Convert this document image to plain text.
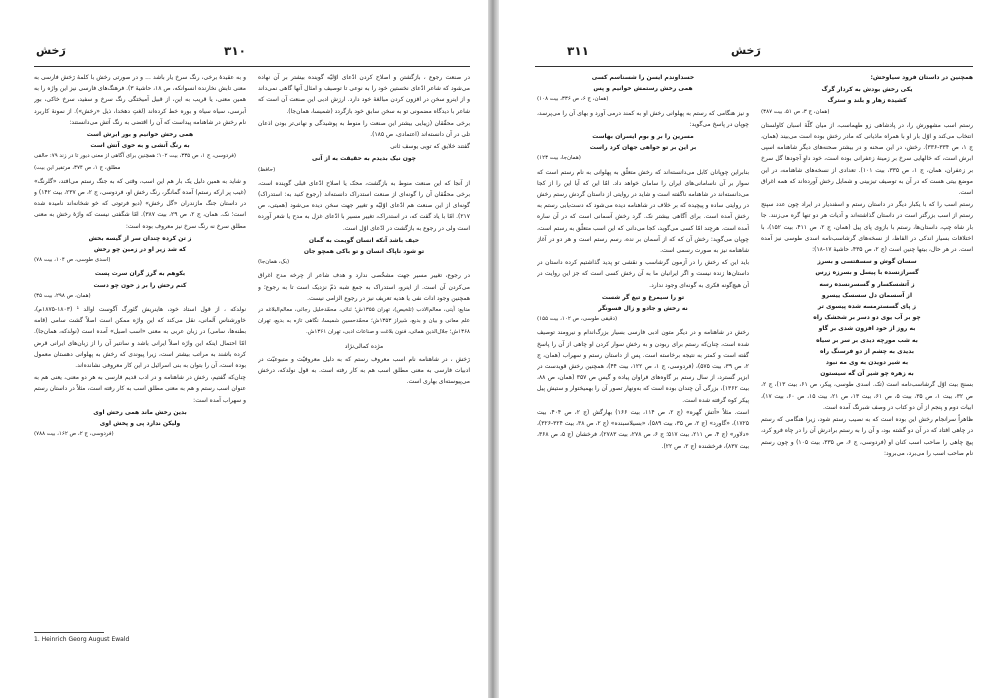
۳۱۰
رَخش

در صنعت رجوع ، بازگشتن و اصلاح کردن ادّعای اوّلیّه گوینده بیشتر بر آن نهاده می‌شود که شاعر ادّعای نخستین خود را به نوعی تا توصیف و امثال آنها گاهی نمی‌داند و از اینرو سخن در افزون کردن مبالغهٔ خود دارد. ارزش ادبی این صنعت آن است که شاعر با دیدگاه مضمونی تو به سخن سابق خود بازگردد (شمیسا، همان‌جا).

برخی محقّقان (زیبایی بیشتر این صنعت را منوط به پوشیدگی و نهانی‌تر بودن اذعان تلی در آن دانسته‌اند (اعتمادی، ص ۱۸۵).

گفتند خلایق که تویی یوسف ثانی

چون نیک بدیدم به حقیقت به از آنی

(حافظ)

از آنجا که این صنعت منوط به بازگشت، محک یا اصلاح ادّعای قبلی گوینده است، برخی محقّقان آن را گونه‌ای از صنعت استدراک دانسته‌اند (رجوع کنید به: استدراک) گونه‌ای از این صنعت هم ادّعای اوّلیّه و تغییر جهت سخن دیده می‌شود (همیتی، ص ۲۱۷). امّا با یاد گفت که، در استدراک، تغییر مسیر با ادّعای غزل به مدح یا شعر آورده است ولی در رجوع به بازگشت در ادّعای اوّل است.

حیف باشد آنکه انسان گویمت به گمان

تو شود ناپاک انسان و تو باکی همچو جان

(بک، همان‌جا)

در رجوع، تغییر مسیر جهت مشخّصی ندارد و هدف شاعر از چرخه مدح اغراق می‌کردن آن است. از اینرو، استدراک به جمع شبه ذمّ نزدیک است تا به رجوع؛ و همچنین وجود ادات نفی یا هدیه تعریف نیز در رجوع الزامی نیست.

منابع: آیتی، معالم‌الادب (تلخیص)، تهران ۱۳۵۵ش؛ ثنائی، محمّدخلیل رجائی، معالم‌البلاغه در علم معانی و بیان و بدیع، شیراز ۱۳۵۳ش؛ محمّدحسین شمیسا، نگاهی تازه به بدیع، تهران ۱۳۶۸ش؛ جلال‌الدین همائی، فنون بلاغت و صناعات ادبی، تهران ۱۳۶۱ش.

مژده کمالی‌نژاد

رَخش ، در شاهنامه نام اسب معروف رستم که به دلیل معروفیّت و متبوعیّت در ادبیات فارسی به معنی مطلق اسب هم به کار رفته است. به قول نولدکه، درخش می‌پیوسته‌ای بهاری است.

و به عقیدهٔ برخی، رنگ سرخ یار باشد ... و در صورتی رخش با کلمهٔ رَخش فارسی به معنی تابش نخارنده انسوانکه، ص ۱۸، حاشیهٔ ۳). فرهنگ‌های فارسی نیز این واژه را به همین معنی، یا قریب به این، از قبیل آمیختگی رنگ سرخ و سفید، سرخ خاکی، بور آبرسی، سیاه سیاه و بوره خط کرده‌اند (لغتِ دهخدا، ذیل «رخش»). از نمونهٔ کاربرد نام رخش در شاهنامه پیداست که آن را اقتضی به رنگ آتش می‌دانستند:

همی رخش خوانیم و بور ابرش است

به رنگ آتشی و به خوی آتش است

(فردوسی، ج ۱، ص ۳۳۵، بیت ۱۰۲؛ همچنین برای آگاهی از معنی دیور تا در زند ۷۹: حالقی مطلق، ج ۱، ص ۳۷۴، مرتفیر این بیت)

و شاید به همین دلیل یک بار هم این اسب، وقتی که به جنگ رستم می‌افتد، «گلرنگ» (غیب پر ارکه رستم) آمده گمانگر، رنگ رخش او، فردوسی، ج ۲، ص ۲۳۷، بیت ۱۴۲) و در داستان جنگ مازندران «گل رخش» (دیو فرتوتی که خو شخانه‌اند نامیده شده است؛ نک. همان، ج ۲، ص ۲۹، بیت ۳۸۷). امّا شگفتی نیست که واژهٔ رخش به معنی مطلق سرخ نه رنگ سرخ نیز معروف بوده است:

ز تن کرده چندان سر از گیسه بخش

که شد زیر او در زمین چو رخش

(اسدی طوسی، ص ۱۰۴، بیت ۷۸)

بکوهم به گرز گران سرت پست

کنم رخش را بر ز خون چو دست

(همان، ص ۲۹۸، بیت ۳۵)

نولدکه ، از قول استاد خود، هاینریش گئورگ آگوست اوالد ¹ (۱۸۰۳-۱۸۷۵م)، خاورشناس آلمانی، نقل می‌کند که این واژه ممکن است اصلاً گشت سامی (قامه بطنه‌ها، سامی) در زبان عربی به معنی «اسب اصیل» آمده است (نولدکه، همان‌جا). امّا احتمال اینکه این واژه اصلاً ایرانی باشد و سانتیر آن را از زبان‌های ایرانی قرض کرده باشند به مراتب بیشتر است، زیرا پیوندی که رخش به پهلوانی دهستان معمول بوده است، آن را بتوان به بنی اسرائیل در این کار معروفی نشانده‌اند.

چنان‌که گفتیم، رخش در شاهنامه و در ادب قدیم فارسی به هر دو معنی، یعنی هم به عنوان اسب رستم و هم به معنی مطلق اسب به کار رفته است، مثلاً در داستان رستم و سهراب آمده است:

بدین رخش ماند همی رخش اوی

ولیکن ندارد پی و پخش اوی

(فردوسی، ج ۲، ص ۱۶۲، بیت ۷۸۸)

1. Heinrich Georg August Ewald
۳۱۱	رَخش

همچنین در داستان فرود سیاوخش:

یکی رخش بودش به کردار گرگ

کشیده زهار و بلند و سترگ

(همان، ج ۳، ص ۵۱، بیت ۳۸۷)

رستم اسب مشهورش را، در پادشاهی زو طهماسب، از میان گلّهٔ اسبان کاولستان انتخاب می‌کند و اوّل بار او با همراه ماذیانی که مادر رخش بوده است می‌بیند (همان، ج ۱، ص ۳۳۴-۳۳۶). رخش، در این صحنه و در بیشتر صحنه‌های دیگر شاهنامه اسپی ابرش است، که خالهایی سرخ بر زمینهٔ زعفرانی بوده است، خود داوِ آجودها گل سرخ بر زعفران، همان، ج ۱، ص ۳۳۵، بیت ۱۰۱). تعدادی از نسخه‌های شاهنامه، در این موضع بیتی هست که در آن به توصیف تیزبینی و شمایل رخش آورده‌اند که همه اغراق است.

رستم اسب را که با یکبار دیگر در داستان رستم و اسفندیار در ایراد چون عدد سپنج رستم از اسب بزرگتر است در داستان گذاشته‌اند و آدیات هر دو تنها گره می‌زنند. جا بار شاه چپ، داستان‌ها، رستم با بازوی پای پیل (همان، ج ۲، ص ۴۱۱، بیت ۱۵۲)، با اختلافات بسیار اندکی در الفاظ، از نسخه‌های گرشاسب‌نامه اسدی طوسی نیز آمده است. در هر حال، بیتها چنین است (ج ۲، ص ۴۳۵، حاشیهٔ ۱۷-۱۸):

سسان گوش و سسفتسی و بسرز

گسرازنسده با پیسل و بسرزه زرس

ز آتشسکسار و گسسرنسده رسه

از آسسمان دل سسسک ییسرو

ز پای گسسترمسه شده پیسوی تر

چو بر آب یوی دو دسر بر شخشک راه

به روز از خود افزون شدی بر گاو

به شب مورچه دیدی بر سر بر سیاه

بدیدی به چشم از دو فرسنگ راه

به شیر دویدن به وی مه نبود

به زهره چو شیر آن گه سیستون

بسنج بیت اوّل گرشاسب‌نامه است (تک. اسدی طوسی، پیکر، ص ۶۱، بیت ۱۳)، ج ۲، ص ۳۲، بیت ۱، ص ۳۵، بیت ۵، ص ۶۱، بیت ۱۳، ص ۲۱، بیت ۱۵، ص ۶۰، بیت ۱۷)، ابیات دوم و پنجم از آن دو کتاب در وصف شبرنگ آمده است.

ظاهراً سرانجام رخش این بوده است که به نصیب رستم شود، زیرا هنگامی که رستم در چاهی افتاد که در آن دو گشته بود، و آن را به رستم برادرش آن را در چاه فرو کرد، پیچ چاهی را صاحب اسب کنان او (فردوسی، ج ۶، ص ۳۳۵، بیت ۱۰۵) و چون رستم نام صاحب اسب را می‌برد، می‌برود:

خسداوندم ایسن را شسناسم کسی

همی رخش رستمش خوانیم و پس

(همان، ج ۶، ص ۳۳۶، بیت ۱۰۸)

و نیز هنگامی که رستم به پهلوانی رخش او به کمند درمی آورد و بهای آن را می‌پرسد، چوپان در پاسخ می‌گوید:

مسرین را بر و بوم ایسران بهاست

بر این بر تو خواهی جهان کرد راست

(همان‌جا، بیت ۱۲۳)

بنابراین چوپانان کابل می‌دانسته‌اند که رخش متعلّق به پهلوانی به نام رستم است که سوار بر آن ناسامانی‌های ایران را سامان خواهد داد. امّا این که آیا این را از کجا می‌دانسته‌اند در شاهنامه ناگفته است و شاید در روایتی از داستان گردش رستم رخش در روایتی ساده و پیچیده که بر خلاف در شاهنامه دیده می‌شود که دست‌یابی رستم به رخش آمده است. برای آگاهی بیشتر نک. گرد رخش آسمانی است که در آن ساره آمده است. هرچند امّا کسی می‌گوید، کجا می‌دانی که این اسب متعلّق به رستم است، چوپان می‌گوید: رخش آن که که از آسمان بر نده، رسم رستم است و هر دو در آغاز شاهنامه نیز به صورت رسمی است.

باید این که رخش را در آزمون گرشاسب و نقشی تو پدید گذاشتیم کرده داستان در داستان‌ها زنده نیست و اگر ایرانیان ما به آن رخش کسی است که جز این روایت در آن هیچ‌گونه فکری به گونه‌ای وجود ندارد.

تو را سیمرغ و تیغ گر شست

نه رخش و جادو و زال فسونگر

(دقیقی طوسی، ص ۱۰۲، بیت ۱۵۵)

رخش در شاهنامه و در دیگر متون ادبی فارسی بسیار بزرگ‌اندام و نیرومند توصیف شده است، چنان‌که رستم برای ربودن و به رخش سوار کردن او چاهی از آن را پاسخ گفته است و کمتر به نتیجه برخاسته است. پس از داستان رستم و سهراب (همان، ج ۲، ص ۳۹، بیت ۵۷۵)، (فردوسی، ج ۱، ص ۱۲۲، بیت ۴۴)، همچنین رخش قویدست در ابزیر گسترد، از سال رستم بر گاوه‌های فراوان پیاده و گیس ص ۳۵۷ (همان، ص ۸۸، بیت ۱۳۶۲)، بزرگی آن چندان بوده است که به‌ونهار تصور آن را بهمیختوار و ستیش پیل پیکر کوه گرفته شده است.

است. مثلاً «آتش گهره» (ج ۲، ص ۱۱۴، بیت ۱۶۶) بهارگش (ج ۲، ص ۴۰۴، بیت ۱۷۲۵)، «گاورد» (ج ۲، ص ۳۵، بیت ۵۸۹)، «بسیلاسبنده» (ج ۲، ص ۳۸، بیت ۳۲۴-۳۲۶)، «دلاور» (ج ۴، ص ۲۱۱، بیت ۵۱۷؛ ج ۶، ص ۲۷۸، بیت ۲۷۸۳)، فرخشان (ج ۵، ص ۳۶۸، بیت ۸۳۷)، فرخشنده (ج ۲، ص ۲۲).
